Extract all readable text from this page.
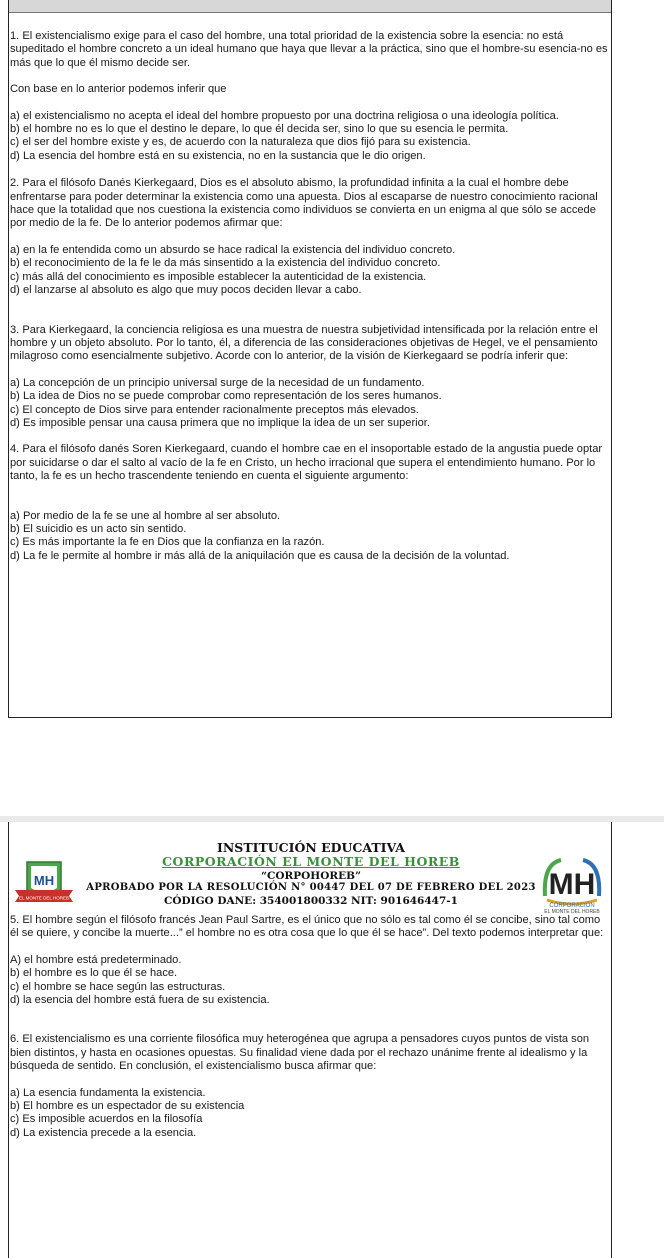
1. El existencialismo exige para el caso del hombre, una total prioridad de la existencia sobre la esencia: no está supeditado el hombre concreto a un ideal humano que haya que llevar a la práctica, sino que el hombre-su esencia-no es más que lo que él mismo decide ser.

Con base en lo anterior podemos inferir que

a) el existencialismo no acepta el ideal del hombre propuesto por una doctrina religiosa o una ideología política.

b) el hombre no es lo que el destino le depare, lo que él decida ser, sino lo que su esencia le permita.

c) el ser del hombre existe y es, de acuerdo con la naturaleza que dios fijó para su existencia.

d) La esencia del hombre está en su existencia, no en la sustancia que le dio origen.

2. Para el filósofo Danés Kierkegaard, Dios es el absoluto abismo, la profundidad infinita a la cual el hombre debe enfrentarse para poder determinar la existencia como una apuesta. Dios al escaparse de nuestro conocimiento racional hace que la totalidad que nos cuestiona la existencia como individuos se convierta en un enigma al que sólo se accede por medio de la fe. De lo anterior podemos afirmar que:

a) en la fe entendida como un absurdo se hace radical la existencia del individuo concreto.

b) el reconocimiento de la fe le da más sinsentido a la existencia del individuo concreto.

c) más allá del conocimiento es imposible establecer la autenticidad de la existencia.

d) el lanzarse al absoluto es algo que muy pocos deciden llevar a cabo.

3. Para Kierkegaard, la conciencia religiosa es una muestra de nuestra subjetividad intensificada por la relación entre el hombre y un objeto absoluto. Por lo tanto, él, a diferencia de las consideraciones objetivas de Hegel, ve el pensamiento milagroso como esencialmente subjetivo. Acorde con lo anterior, de la visión de Kierkegaard se podría inferir que:

a) La concepción de un principio universal surge de la necesidad de un fundamento.

b) La idea de Dios no se puede comprobar como representación de los seres humanos.

c) El concepto de Dios sirve para entender racionalmente preceptos más elevados.

d) Es imposible pensar una causa primera que no implique la idea de un ser superior.

4. Para el filósofo danés Soren Kierkegaard, cuando el hombre cae en el insoportable estado de la angustia puede optar por suicidarse o dar el salto al vacío de la fe en Cristo, un hecho irracional que supera el entendimiento humano. Por lo tanto, la fe es un hecho trascendente teniendo en cuenta el siguiente argumento:

a) Por medio de la fe se une al hombre al ser absoluto.

b) El suicidio es un acto sin sentido.

c) Es más importante la fe en Dios que la confianza en la razón.

d) La fe le permite al hombre ir más allá de la aniquilación que es causa de la decisión de la voluntad.

MH
EL MONTE DEL HOREB
INSTITUCIÓN EDUCATIVA
CORPORACIÓN EL MONTE DEL HOREB
“CORPOHOREB”
APROBADO POR LA RESOLUCIÓN N° 00447 DEL 07 DE FEBRERO DEL 2023
CÓDIGO DANE: 354001800332 NIT: 901646447-1	MH
CORPORACIÓN
EL MONTE DEL HOREB

5. El hombre según el filósofo francés Jean Paul Sartre, es el único que no sólo es tal como él se concibe, sino tal como él se quiere, y concibe la muerte...” el hombre no es otra cosa que lo que él se hace”. Del texto podemos interpretar que:

A) el hombre está predeterminado.

b) el hombre es lo que él se hace.

c) el hombre se hace según las estructuras.

d) la esencia del hombre está fuera de su existencia.

6. El existencialismo es una corriente filosófica muy heterogénea que agrupa a pensadores cuyos puntos de vista son bien distintos, y hasta en ocasiones opuestas. Su finalidad viene dada por el rechazo unánime frente al idealismo y la búsqueda de sentido. En conclusión, el existencialismo busca afirmar que:

a) La esencia fundamenta la existencia.

b) El hombre es un espectador de su existencia

c) Es imposible acuerdos en la filosofía

d) La existencia precede a la esencia.
